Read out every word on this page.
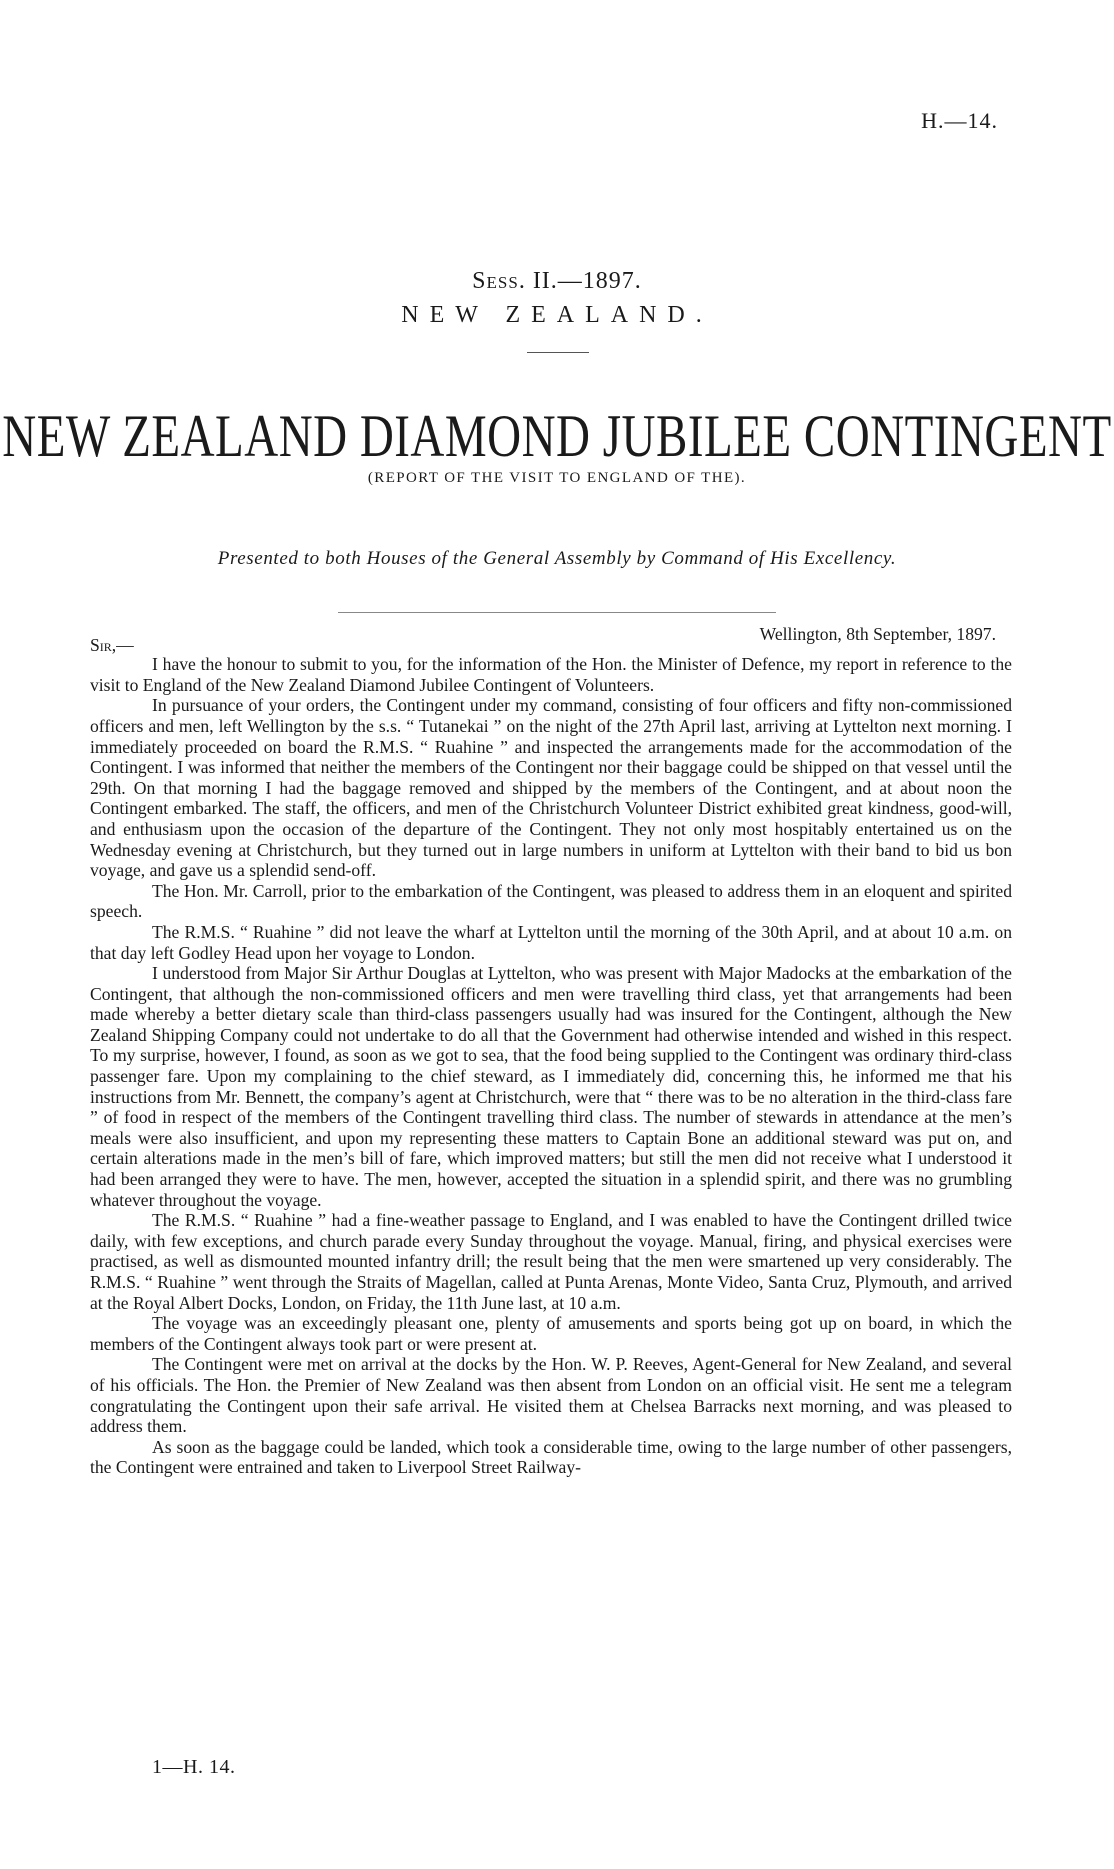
H.—14.
Sess. II.—1897.
NEW ZEALAND.
NEW ZEALAND DIAMOND JUBILEE CONTINGENT
(REPORT OF THE VISIT TO ENGLAND OF THE).
Presented to both Houses of the General Assembly by Command of His Excellency.
Wellington, 8th September, 1897.
Sir,—

I have the honour to submit to you, for the information of the Hon. the Minister of Defence, my report in reference to the visit to England of the New Zealand Diamond Jubilee Contingent of Volunteers.

In pursuance of your orders, the Contingent under my command, consisting of four officers and fifty non-commissioned officers and men, left Wellington by the s.s. “ Tutanekai ” on the night of the 27th April last, arriving at Lyttelton next morning. I immediately proceeded on board the R.M.S. “ Ruahine ” and inspected the arrangements made for the accommodation of the Contingent. I was informed that neither the members of the Contingent nor their baggage could be shipped on that vessel until the 29th. On that morning I had the baggage removed and shipped by the members of the Contingent, and at about noon the Contingent embarked. The staff, the officers, and men of the Christchurch Volunteer District exhibited great kindness, good-will, and enthusiasm upon the occasion of the departure of the Contingent. They not only most hospitably entertained us on the Wednesday evening at Christchurch, but they turned out in large numbers in uniform at Lyttelton with their band to bid us bon voyage, and gave us a splendid send-off.

The Hon. Mr. Carroll, prior to the embarkation of the Contingent, was pleased to address them in an eloquent and spirited speech.

The R.M.S. “ Ruahine ” did not leave the wharf at Lyttelton until the morning of the 30th April, and at about 10 a.m. on that day left Godley Head upon her voyage to London.

I understood from Major Sir Arthur Douglas at Lyttelton, who was present with Major Madocks at the embarkation of the Contingent, that although the non-commissioned officers and men were travelling third class, yet that arrangements had been made whereby a better dietary scale than third-class passengers usually had was insured for the Contingent, although the New Zealand Shipping Company could not undertake to do all that the Government had otherwise intended and wished in this respect. To my surprise, however, I found, as soon as we got to sea, that the food being supplied to the Contingent was ordinary third-class passenger fare. Upon my complaining to the chief steward, as I immediately did, concerning this, he informed me that his instructions from Mr. Bennett, the company’s agent at Christchurch, were that “ there was to be no alteration in the third-class fare ” of food in respect of the members of the Contingent travelling third class. The number of stewards in attendance at the men’s meals were also insufficient, and upon my representing these matters to Captain Bone an additional steward was put on, and certain alterations made in the men’s bill of fare, which improved matters; but still the men did not receive what I understood it had been arranged they were to have. The men, however, accepted the situation in a splendid spirit, and there was no grumbling whatever throughout the voyage.

The R.M.S. “ Ruahine ” had a fine-weather passage to England, and I was enabled to have the Contingent drilled twice daily, with few exceptions, and church parade every Sunday throughout the voyage. Manual, firing, and physical exercises were practised, as well as dismounted mounted infantry drill; the result being that the men were smartened up very considerably. The R.M.S. “ Ruahine ” went through the Straits of Magellan, called at Punta Arenas, Monte Video, Santa Cruz, Plymouth, and arrived at the Royal Albert Docks, London, on Friday, the 11th June last, at 10 a.m.

The voyage was an exceedingly pleasant one, plenty of amusements and sports being got up on board, in which the members of the Contingent always took part or were present at.

The Contingent were met on arrival at the docks by the Hon. W. P. Reeves, Agent-General for New Zealand, and several of his officials. The Hon. the Premier of New Zealand was then absent from London on an official visit. He sent me a telegram congratulating the Contingent upon their safe arrival. He visited them at Chelsea Barracks next morning, and was pleased to address them.

As soon as the baggage could be landed, which took a considerable time, owing to the large number of other passengers, the Contingent were entrained and taken to Liverpool Street Railway-

1—H. 14.
